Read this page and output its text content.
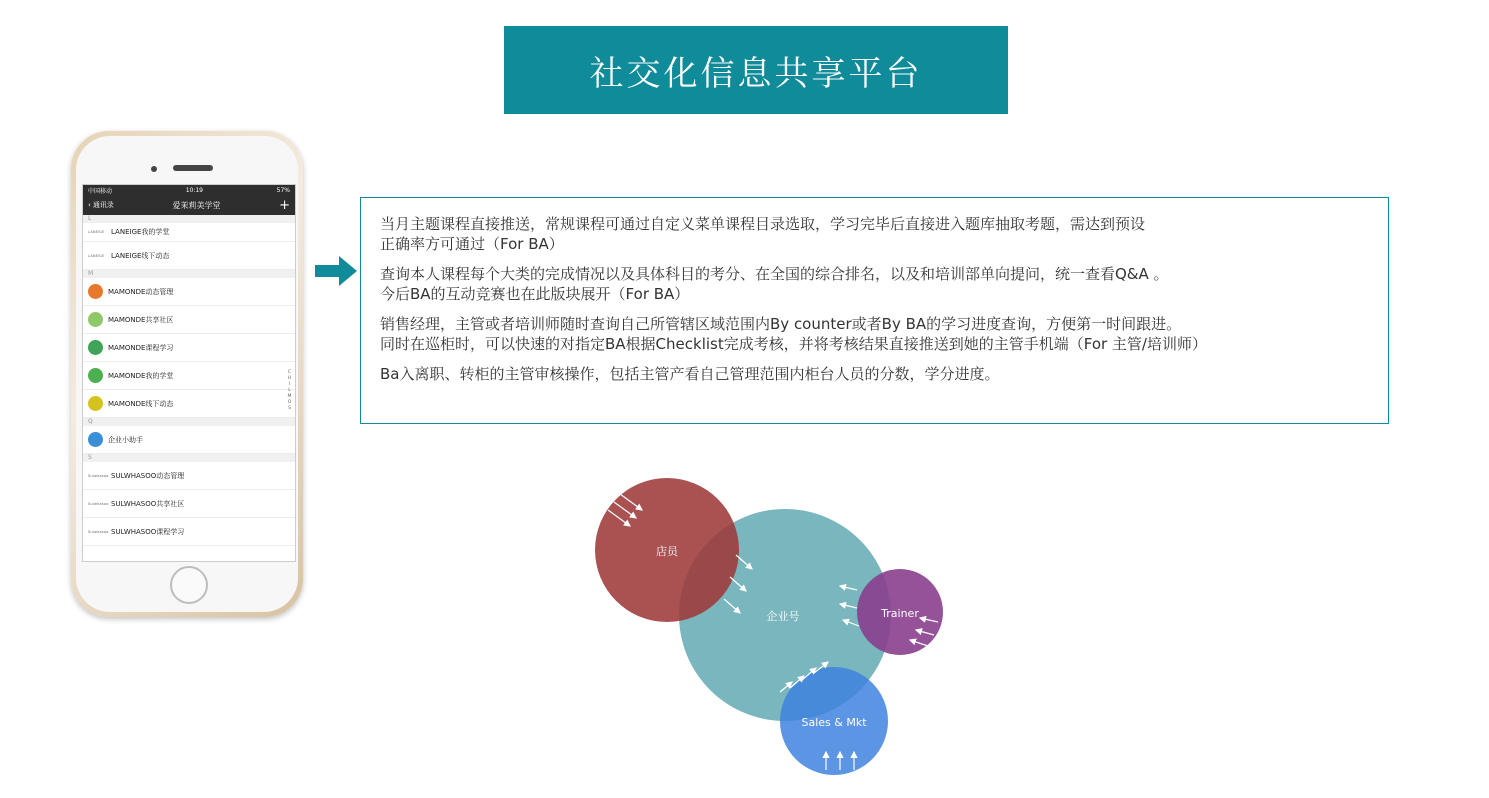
社交化信息共享平台
中国移动	10:19	57%
‹ 通讯录	爱茉莉美学堂	+
L
LANEIGE LANEIGE我的学堂
LANEIGE LANEIGE线下动态
M
MAMONDE动态管理
MAMONDE共享社区
MAMONDE课程学习
MAMONDE我的学堂
MAMONDE线下动态
Q
企业小助手
S
Sulwhasoo SULWHASOO动态管理
Sulwhasoo SULWHASOO共享社区
Sulwhasoo SULWHASOO课程学习
C
H
I
L
M
O
S

当月主题课程直接推送，常规课程可通过自定义菜单课程目录选取，学习完毕后直接进入题库抽取考题，需达到预设
正确率方可通过（For BA）

查询本人课程每个大类的完成情况以及具体科目的考分、在全国的综合排名，以及和培训部单向提问，统一查看Q&A 。
今后BA的互动竞赛也在此版块展开（For BA）

销售经理，主管或者培训师随时查询自己所管辖区域范围内By counter或者By BA的学习进度查询，方便第一时间跟进。
同时在巡柜时，可以快速的对指定BA根据Checklist完成考核，并将考核结果直接推送到她的主管手机端（For 主管/培训师）

Ba入离职、转柜的主管审核操作，包括主管产看自己管理范围内柜台人员的分数，学分进度。

店员
企业号	Trainer
Sales & Mkt
